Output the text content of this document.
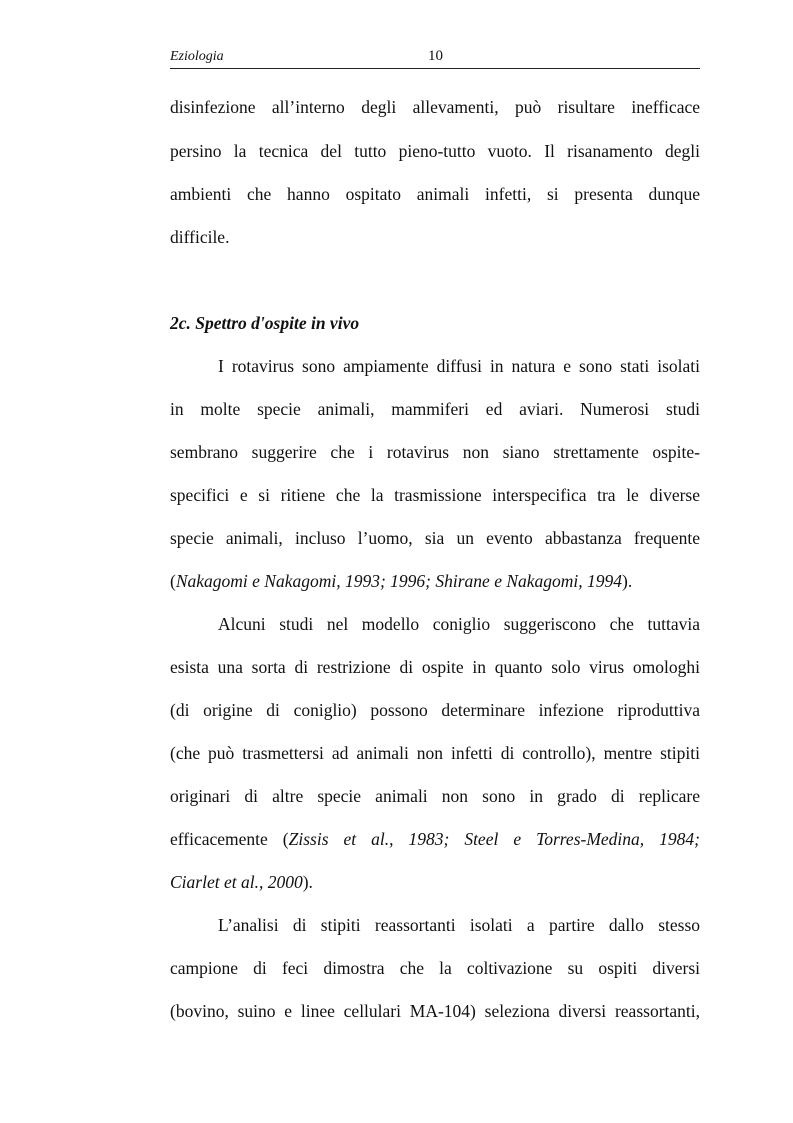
Eziologia	10
disinfezione all’interno degli allevamenti, può risultare inefficace
persino la tecnica del tutto pieno-tutto vuoto. Il risanamento degli
ambienti che hanno ospitato animali infetti, si presenta dunque
difficile.
2c. Spettro d'ospite in vivo
I rotavirus sono ampiamente diffusi in natura e sono stati isolati
in molte specie animali, mammiferi ed aviari. Numerosi studi
sembrano suggerire che i rotavirus non siano strettamente ospite-
specifici e si ritiene che la trasmissione interspecifica tra le diverse
specie animali, incluso l’uomo, sia un evento abbastanza frequente
(Nakagomi e Nakagomi, 1993; 1996; Shirane e Nakagomi, 1994).
Alcuni studi nel modello coniglio suggeriscono che tuttavia
esista una sorta di restrizione di ospite in quanto solo virus omologhi
(di origine di coniglio) possono determinare infezione riproduttiva
(che può trasmettersi ad animali non infetti di controllo), mentre stipiti
originari di altre specie animali non sono in grado di replicare
efficacemente (Zissis et al., 1983; Steel e Torres-Medina, 1984;
Ciarlet et al., 2000).
L’analisi di stipiti reassortanti isolati a partire dallo stesso
campione di feci dimostra che la coltivazione su ospiti diversi
(bovino, suino e linee cellulari MA-104) seleziona diversi reassortanti,
